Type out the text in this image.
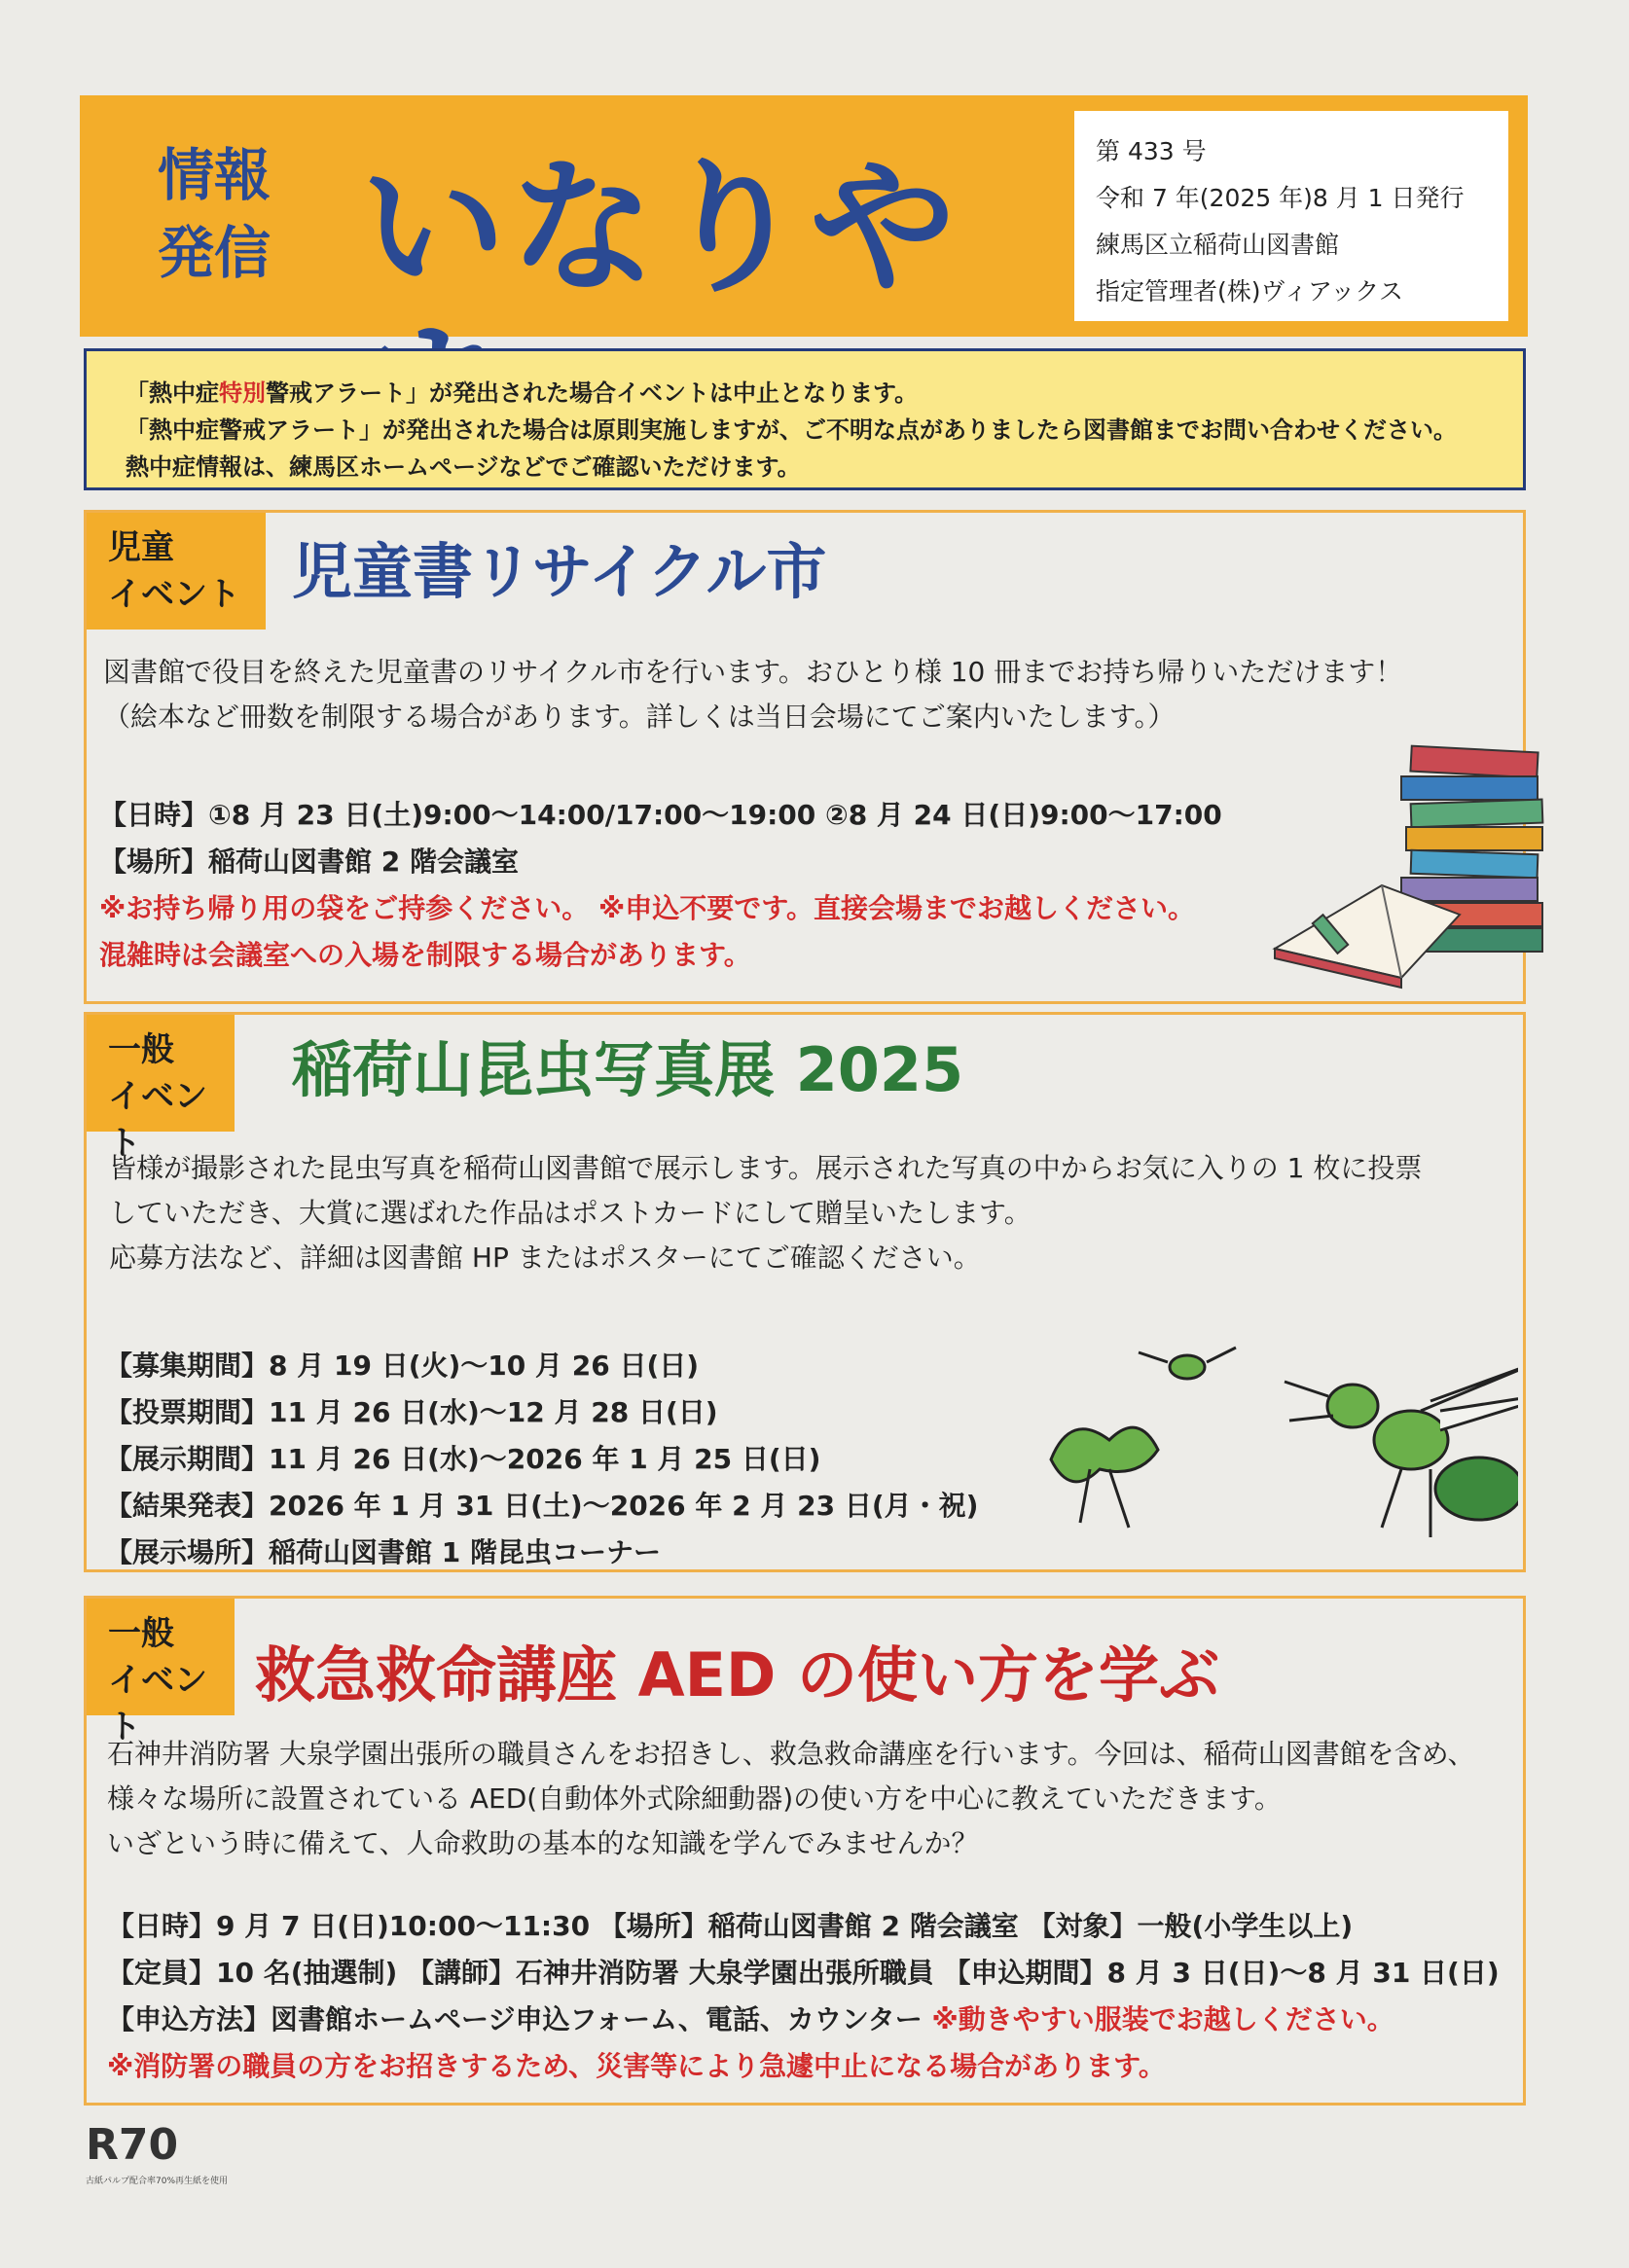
情報
発信 いなりや	第 433 号
令和 7 年(2025 年)8 月 1 日発行
練馬区立稲荷山図書館
指定管理者(株)ヴィアックス
「熱中症特別警戒アラート」が発出された場合イベントは中止となります。
「熱中症警戒アラート」が発出された場合は原則実施しますが、ご不明な点がありましたら図書館までお問い合わせください。
熱中症情報は、練馬区ホームページなどでご確認いただけます。
児童
イベント 児童書リサイクル市
図書館で役目を終えた児童書のリサイクル市を行います。おひとり様 10 冊までお持ち帰りいただけます！
（絵本など冊数を制限する場合があります。詳しくは当日会場にてご案内いたします。）
【日時】①8 月 23 日(土)9:00～14:00/17:00～19:00 ②8 月 24 日(日)9:00～17:00
【場所】稲荷山図書館 2 階会議室
※お持ち帰り用の袋をご持参ください。 ※申込不要です。直接会場までお越しください。
混雑時は会議室への入場を制限する場合があります。
一般
イベント
稲荷山昆虫写真展 2025
皆様が撮影された昆虫写真を稲荷山図書館で展示します。展示された写真の中からお気に入りの 1 枚に投票
していただき、大賞に選ばれた作品はポストカードにして贈呈いたします。
応募方法など、詳細は図書館 HP またはポスターにてご確認ください。
【募集期間】8 月 19 日(火)～10 月 26 日(日)
【投票期間】11 月 26 日(水)～12 月 28 日(日)
【展示期間】11 月 26 日(水)～2026 年 1 月 25 日(日)
【結果発表】2026 年 1 月 31 日(土)～2026 年 2 月 23 日(月・祝)
【展示場所】稲荷山図書館 1 階昆虫コーナー
一般
イベント
救急救命講座 AED の使い方を学ぶ
石神井消防署 大泉学園出張所の職員さんをお招きし、救急救命講座を行います。今回は、稲荷山図書館を含め、
様々な場所に設置されている AED(自動体外式除細動器)の使い方を中心に教えていただきます。
いざという時に備えて、人命救助の基本的な知識を学んでみませんか？
【日時】9 月 7 日(日)10:00～11:30 【場所】稲荷山図書館 2 階会議室 【対象】一般(小学生以上)
【定員】10 名(抽選制) 【講師】石神井消防署 大泉学園出張所職員 【申込期間】8 月 3 日(日)～8 月 31 日(日)
【申込方法】図書館ホームページ申込フォーム、電話、カウンター ※動きやすい服装でお越しください。
※消防署の職員の方をお招きするため、災害等により急遽中止になる場合があります。
R70
古紙パルプ配合率70%再生紙を使用
